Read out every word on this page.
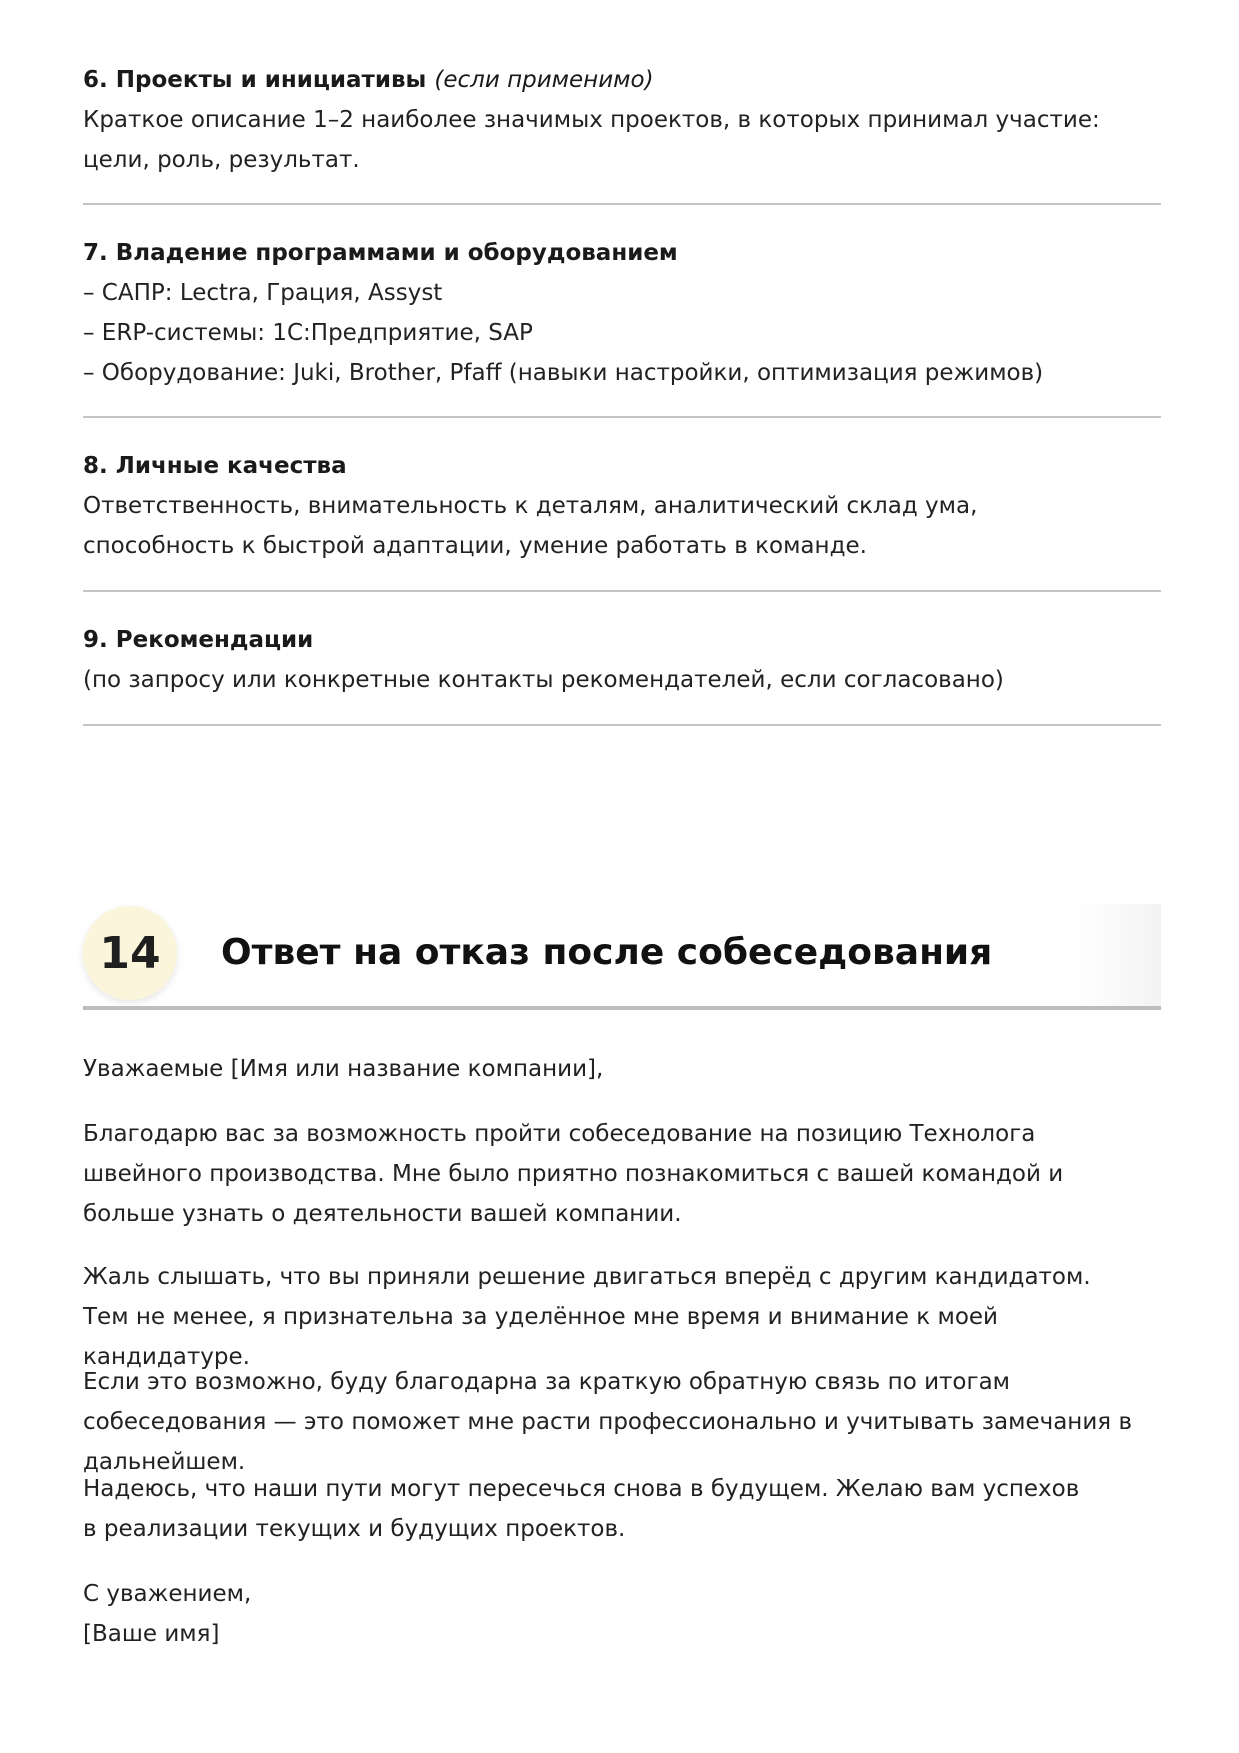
6. Проекты и инициативы (если применимо)
Краткое описание 1–2 наиболее значимых проектов, в которых принимал участие: цели, роль, результат.
7. Владение программами и оборудованием
– САПР: Lectra, Грация, Assyst
– ERP-системы: 1С:Предприятие, SAP
– Оборудование: Juki, Brother, Pfaff (навыки настройки, оптимизация режимов)
8. Личные качества
Ответственность, внимательность к деталям, аналитический склад ума, способность к быстрой адаптации, умение работать в команде.
9. Рекомендации
(по запросу или конкретные контакты рекомендателей, если согласовано)
14	Ответ на отказ после собеседования

Уважаемые [Имя или название компании],

Благодарю вас за возможность пройти собеседование на позицию Технолога швейного производства. Мне было приятно познакомиться с вашей командой и больше узнать о деятельности вашей компании.

Жаль слышать, что вы приняли решение двигаться вперёд с другим кандидатом. Тем не менее, я признательна за уделённое мне время и внимание к моей кандидатуре.

Если это возможно, буду благодарна за краткую обратную связь по итогам собеседования — это поможет мне расти профессионально и учитывать замечания в дальнейшем.

Надеюсь, что наши пути могут пересечься снова в будущем. Желаю вам успехов в реализации текущих и будущих проектов.

С уважением,

[Ваше имя]
